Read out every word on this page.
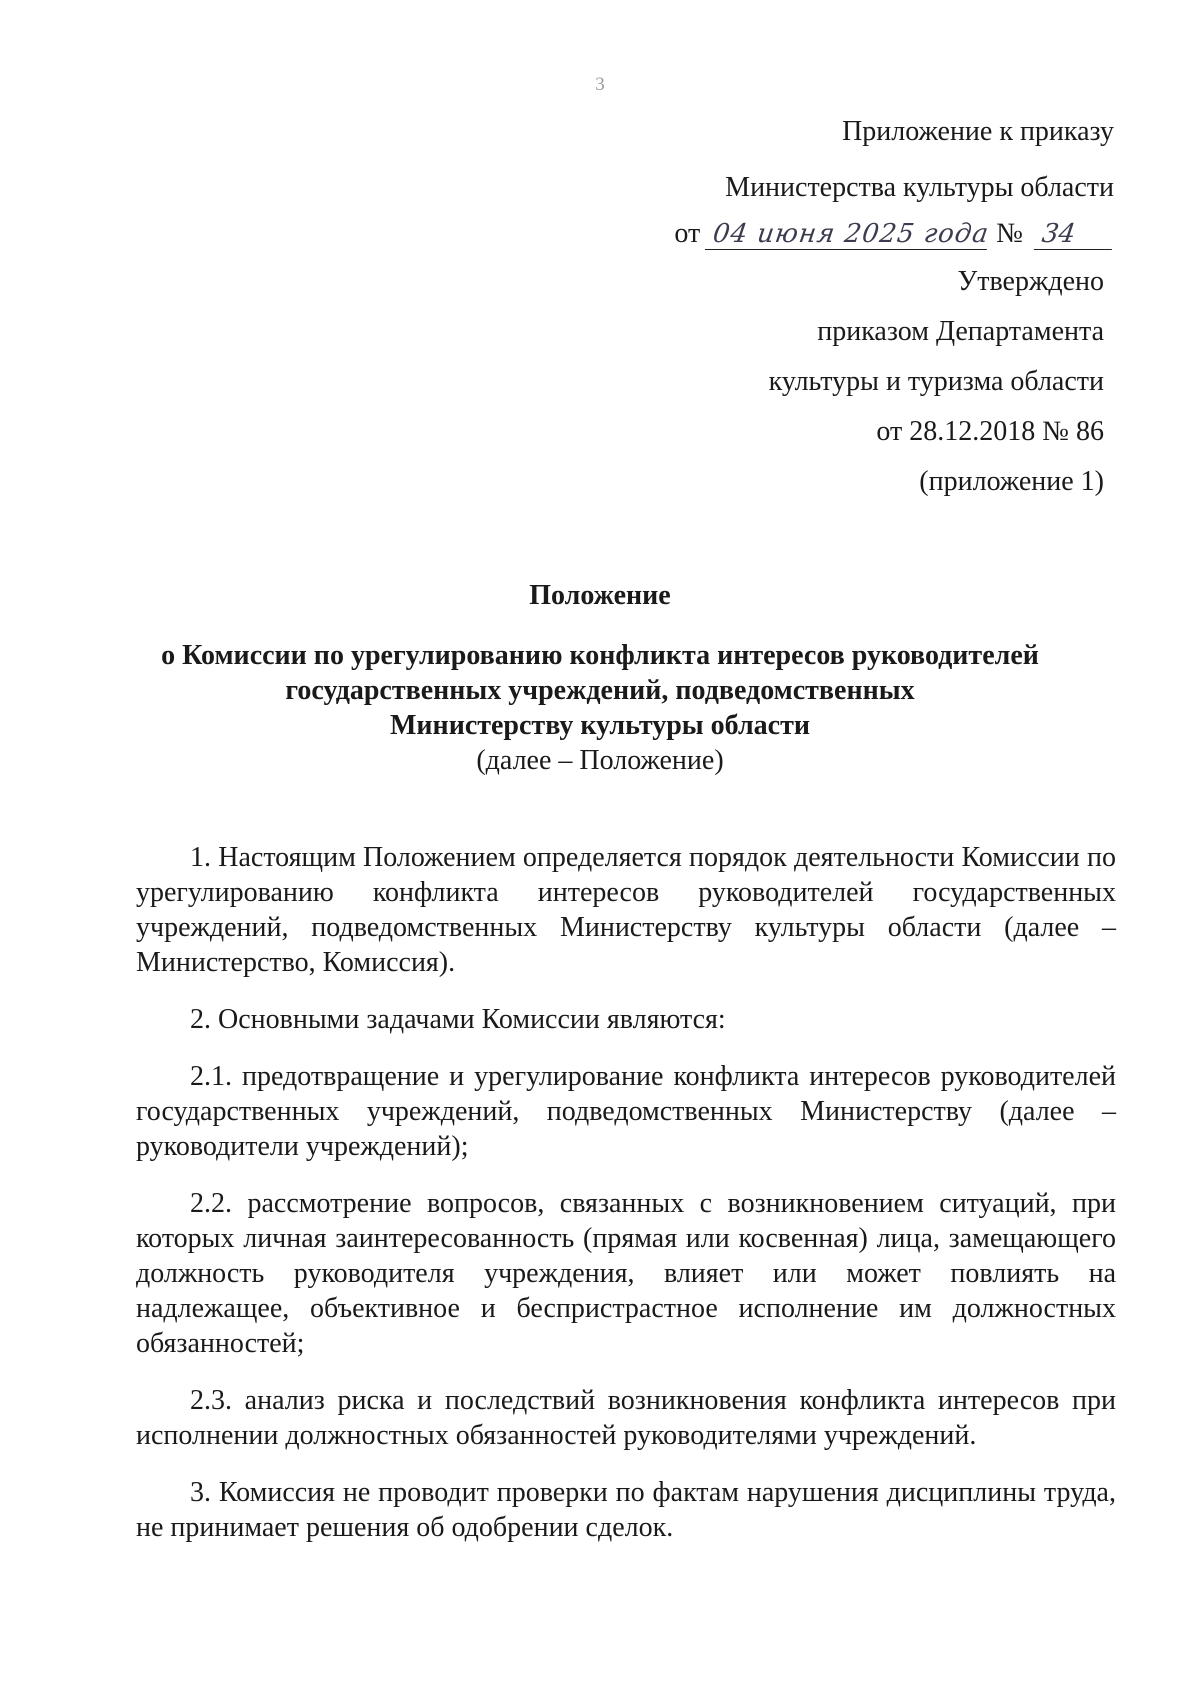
3
Приложение к приказу
Министерства культуры области
от 04 июня 2025 года № 34
Утверждено
приказом Департамента
культуры и туризма области
от 28.12.2018 № 86
(приложение 1)
Положение
о Комиссии по урегулированию конфликта интересов руководителей
государственных учреждений, подведомственных
Министерству культуры области
(далее – Положение)

1. Настоящим Положением определяется порядок деятельности Комиссии по урегулированию конфликта интересов руководителей государственных учреждений, подведомственных Министерству культуры области (далее – Министерство, Комиссия).

2. Основными задачами Комиссии являются:

2.1. предотвращение и урегулирование конфликта интересов руководителей государственных учреждений, подведомственных Министерству (далее – руководители учреждений);

2.2. рассмотрение вопросов, связанных с возникновением ситуаций, при которых личная заинтересованность (прямая или косвенная) лица, замещающего должность руководителя учреждения, влияет или может повлиять на надлежащее, объективное и беспристрастное исполнение им должностных обязанностей;

2.3. анализ риска и последствий возникновения конфликта интересов при исполнении должностных обязанностей руководителями учреждений.

3. Комиссия не проводит проверки по фактам нарушения дисциплины труда, не принимает решения об одобрении сделок.
